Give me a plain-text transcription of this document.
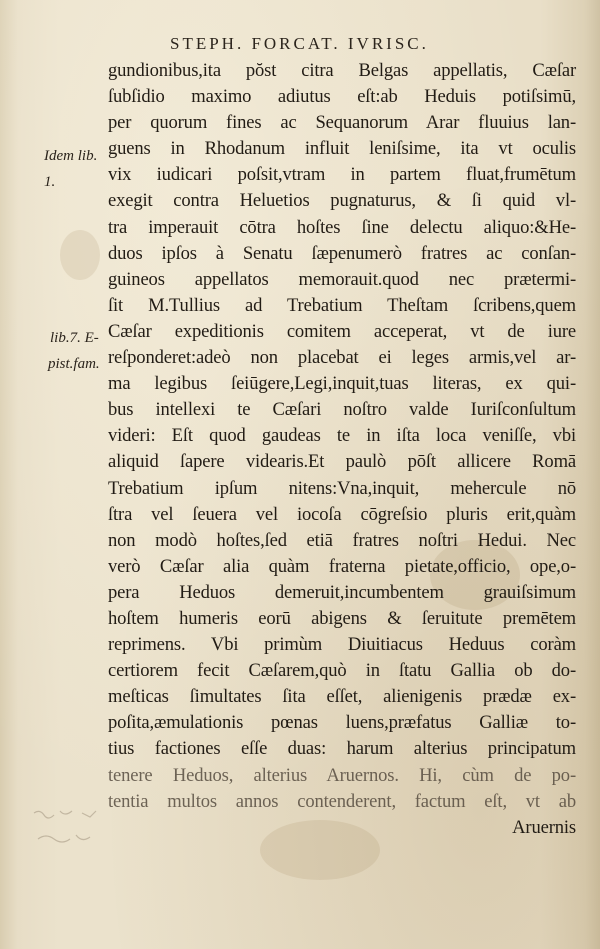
STEPH. FORCAT. IVRISC.
Idem lib.
1.
lib.7. E-
pist.fam.
gundionibus,ita pŏst citra Belgas appellatis, Cæſar
ſubſidio maximo adiutus eſt:ab Heduis potiſsimū,
per quorum fines ac Sequanorum Arar fluuius lan-
guens in Rhodanum influit leniſsime, ita vt oculis
vix iudicari poſsit,vtram in partem fluat,frumētum
exegit contra Heluetios pugnaturus, & ſi quid vl-
tra imperauit cōtra hoſtes ſine delectu aliquo:&He-
duos ipſos à Senatu ſæpenumerò fratres ac conſan-
guineos appellatos memorauit.quod nec prætermi-
ſit M.Tullius ad Trebatium Theſtam ſcribens,quem
Cæſar expeditionis comitem acceperat, vt de iure
reſponderet:adeò non placebat ei leges armis,vel ar-
ma legibus ſeiūgere,Legi,inquit,tuas literas, ex qui-
bus intellexi te Cæſari noſtro valde Iuriſconſultum
videri: Eſt quod gaudeas te in iſta loca veniſſe, vbi
aliquid ſapere videaris.Et paulò pōſt allicere Romā
Trebatium ipſum nitens:Vna,inquit, mehercule nō
ſtra vel ſeuera vel iocoſa cōgreſsio pluris erit,quàm
non modò hoſtes,ſed etiā fratres noſtri Hedui. Nec
verò Cæſar alia quàm fraterna pietate,officio, ope,o-
pera Heduos demeruit,incumbentem grauiſsimum
hoſtem humeris eorū abigens & ſeruitute premētem
reprimens. Vbi primùm Diuitiacus Heduus coràm
certiorem fecit Cæſarem,quò in ſtatu Gallia ob do-
meſticas ſimultates ſita eſſet, alienigenis prædæ ex-
poſita,æmulationis pœnas luens,præfatus Galliæ to-
tius factiones eſſe duas: harum alterius principatum
tenere Heduos, alterius Aruernos. Hi, cùm de po-
tentia multos annos contenderent, factum eſt, vt ab
Aruernis
